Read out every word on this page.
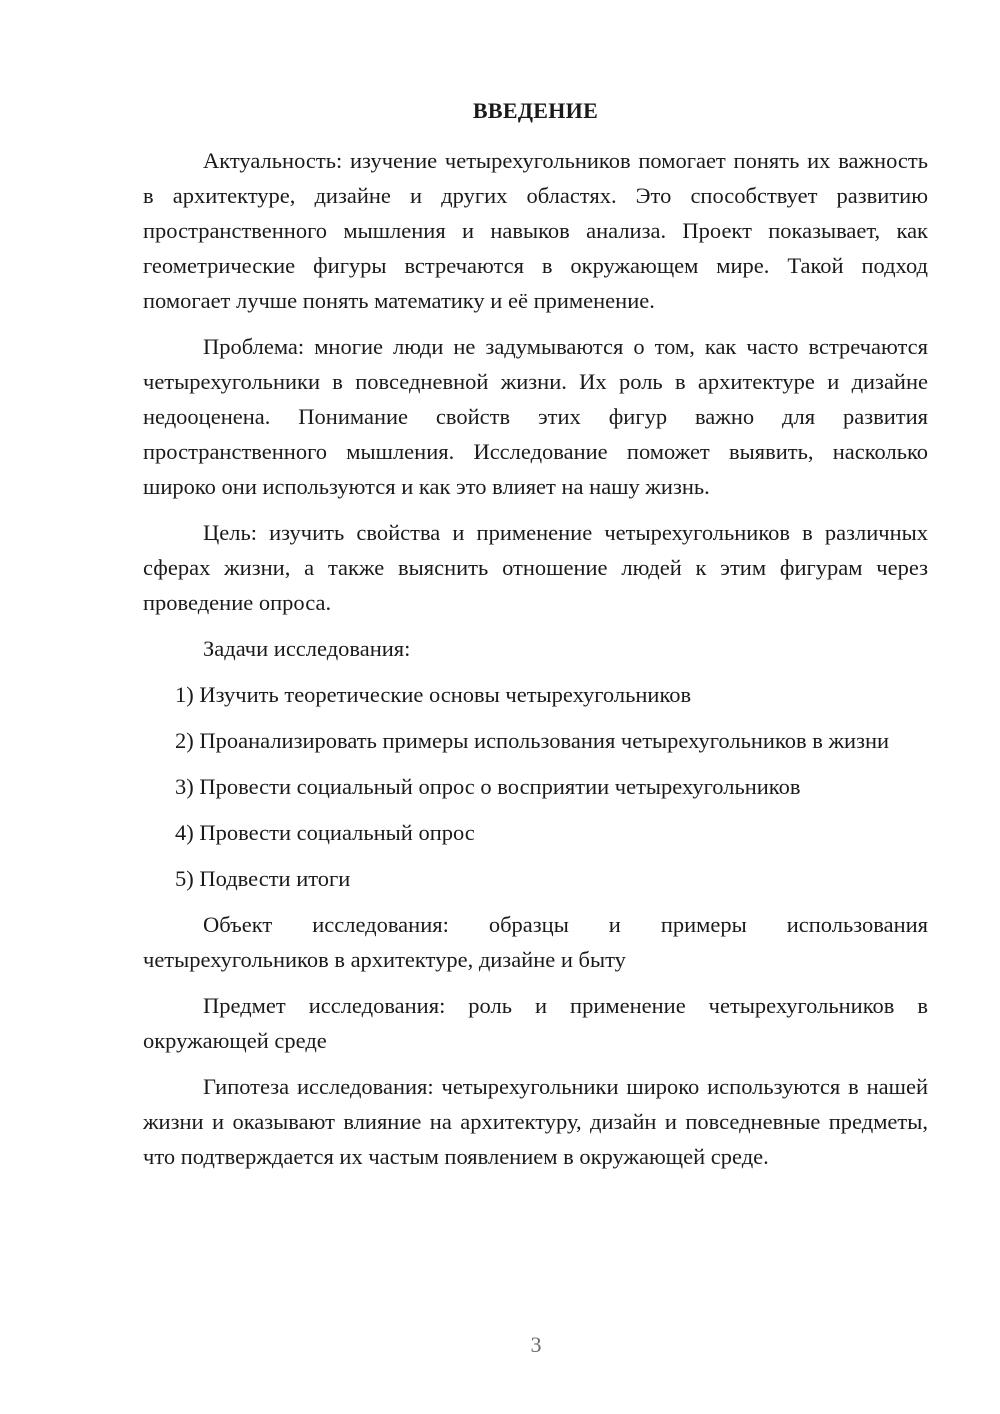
ВВЕДЕНИЕ

Актуальность: изучение четырехугольников помогает понять их важность в архитектуре, дизайне и других областях. Это способствует развитию пространственного мышления и навыков анализа. Проект показывает, как геометрические фигуры встречаются в окружающем мире. Такой подход помогает лучше понять математику и её применение.

Проблема: многие люди не задумываются о том, как часто встречаются четырехугольники в повседневной жизни. Их роль в архитектуре и дизайне недооценена. Понимание свойств этих фигур важно для развития пространственного мышления. Исследование поможет выявить, насколько широко они используются и как это влияет на нашу жизнь.

Цель: изучить свойства и применение четырехугольников в различных сферах жизни, а также выяснить отношение людей к этим фигурам через проведение опроса.

Задачи исследования:

1) Изучить теоретические основы четырехугольников

2) Проанализировать примеры использования четырехугольников в жизни

3) Провести социальный опрос о восприятии четырехугольников

4) Провести социальный опрос

5) Подвести итоги

Объект исследования: образцы и примеры использования четырехугольников в архитектуре, дизайне и быту

Предмет исследования: роль и применение четырехугольников в окружающей среде

Гипотеза исследования: четырехугольники широко используются в нашей жизни и оказывают влияние на архитектуру, дизайн и повседневные предметы, что подтверждается их частым появлением в окружающей среде.

3
